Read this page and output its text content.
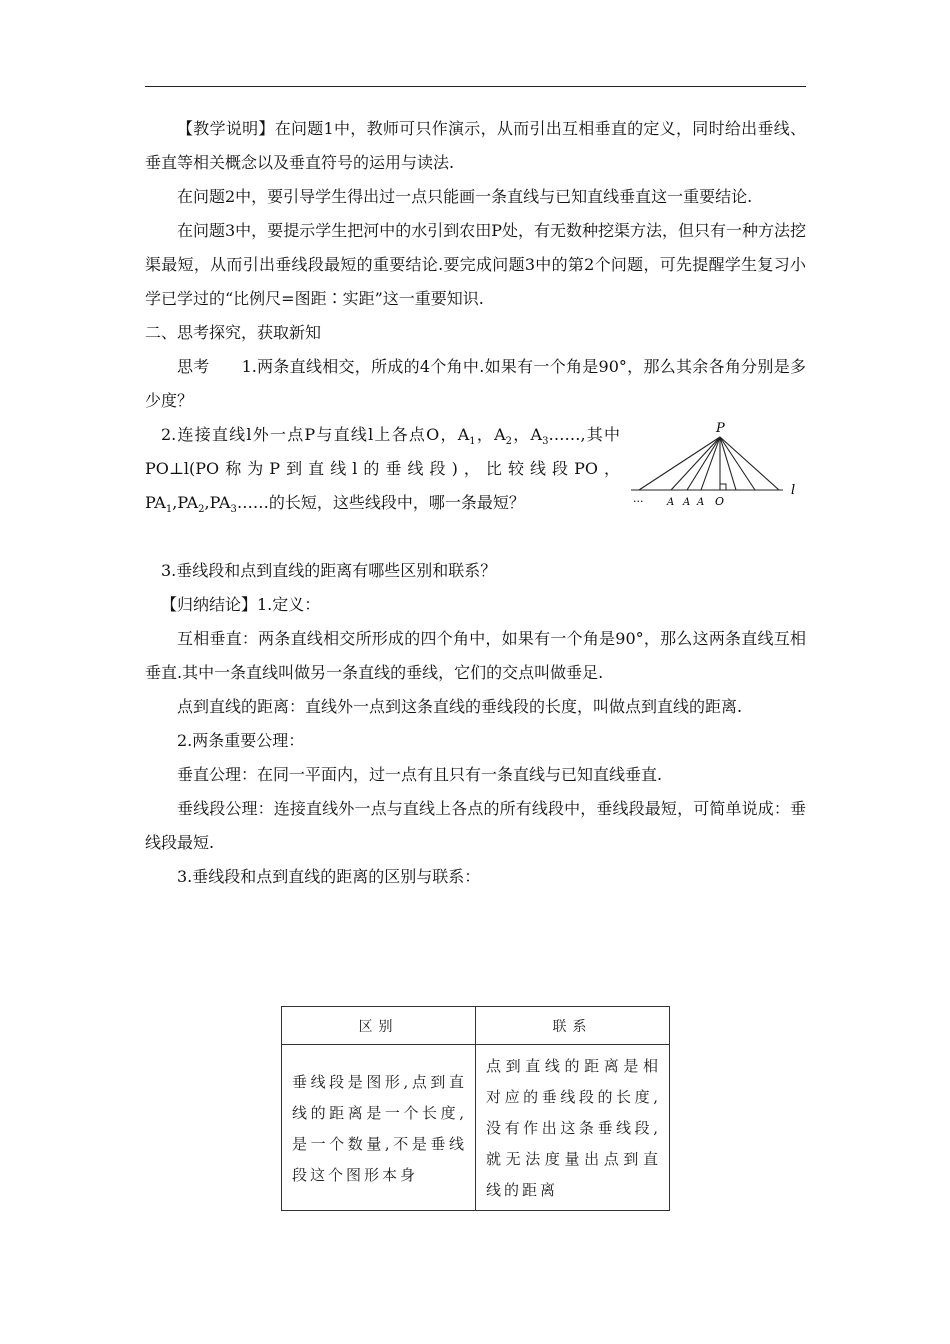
【教学说明】在问题1中，教师可只作演示，从而引出互相垂直的定义，同时给出垂线、垂直等相关概念以及垂直符号的运用与读法.

在问题2中，要引导学生得出过一点只能画一条直线与已知直线垂直这一重要结论.

在问题3中，要提示学生把河中的水引到农田P处，有无数种挖渠方法，但只有一种方法挖渠最短，从而引出垂线段最短的重要结论.要完成问题3中的第2个问题，可先提醒学生复习小学已学过的“比例尺=图距∶实距”这一重要知识.

二、思考探究，获取新知

思考 1.两条直线相交，所成的4个角中.如果有一个角是90°，那么其余各角分别是多少度？

2.连接直线l外一点P与直线l上各点O，$A_1$，$A_2$，$A_3\dots\dots$,其中PO⊥l(PO称为P到直线l的垂线段)，比较线段PO，$PA_1,PA_2,PA_3\dots\dots$的长短，这些线段中，哪一条最短？

P
l
··· A A A O

3.垂线段和点到直线的距离有哪些区别和联系？

【归纳结论】1.定义：

互相垂直：两条直线相交所形成的四个角中，如果有一个角是90°，那么这两条直线互相垂直.其中一条直线叫做另一条直线的垂线，它们的交点叫做垂足.

点到直线的距离：直线外一点到这条直线的垂线段的长度，叫做点到直线的距离.

2.两条重要公理：

垂直公理：在同一平面内，过一点有且只有一条直线与已知直线垂直.

垂线段公理：连接直线外一点与直线上各点的所有线段中，垂线段最短，可简单说成：垂线段最短.

3.垂线段和点到直线的距离的区别与联系：

区别	联系

垂线段是图形,点到直线的距离是一个长度,是一个数量,不是垂线段这个图形本身	点到直线的距离是相对应的垂线段的长度,没有作出这条垂线段,就无法度量出点到直线的距离
